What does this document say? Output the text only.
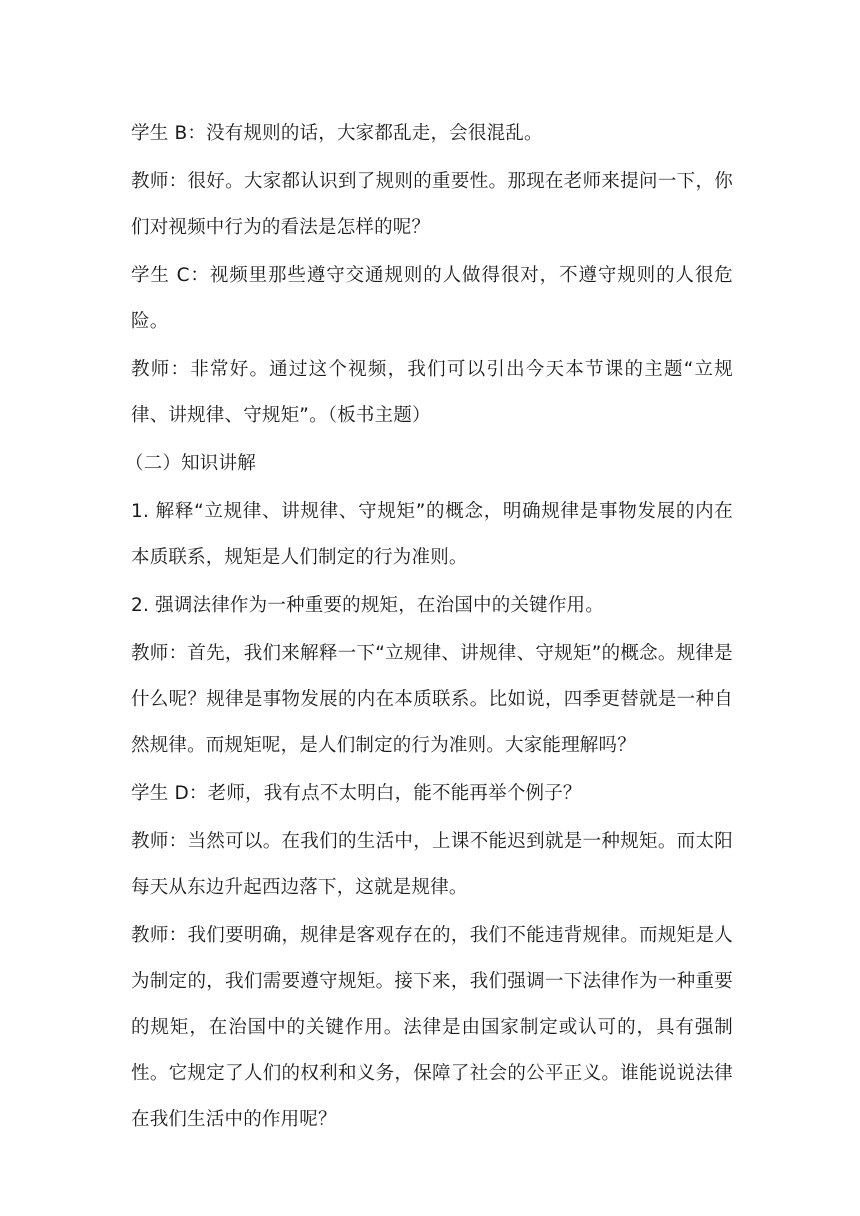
学生 B：没有规则的话，大家都乱走，会很混乱。

教师：很好。大家都认识到了规则的重要性。那现在老师来提问一下，你们对视频中行为的看法是怎样的呢？

学生 C：视频里那些遵守交通规则的人做得很对，不遵守规则的人很危险。

教师：非常好。通过这个视频，我们可以引出今天本节课的主题“立规律、讲规律、守规矩”。（板书主题）

（二）知识讲解

1. 解释“立规律、讲规律、守规矩”的概念，明确规律是事物发展的内在本质联系，规矩是人们制定的行为准则。

2. 强调法律作为一种重要的规矩，在治国中的关键作用。

教师：首先，我们来解释一下“立规律、讲规律、守规矩”的概念。规律是什么呢？规律是事物发展的内在本质联系。比如说，四季更替就是一种自然规律。而规矩呢，是人们制定的行为准则。大家能理解吗？

学生 D：老师，我有点不太明白，能不能再举个例子？

教师：当然可以。在我们的生活中，上课不能迟到就是一种规矩。而太阳每天从东边升起西边落下，这就是规律。

教师：我们要明确，规律是客观存在的，我们不能违背规律。而规矩是人为制定的，我们需要遵守规矩。接下来，我们强调一下法律作为一种重要的规矩，在治国中的关键作用。法律是由国家制定或认可的，具有强制性。它规定了人们的权利和义务，保障了社会的公平正义。谁能说说法律在我们生活中的作用呢？
